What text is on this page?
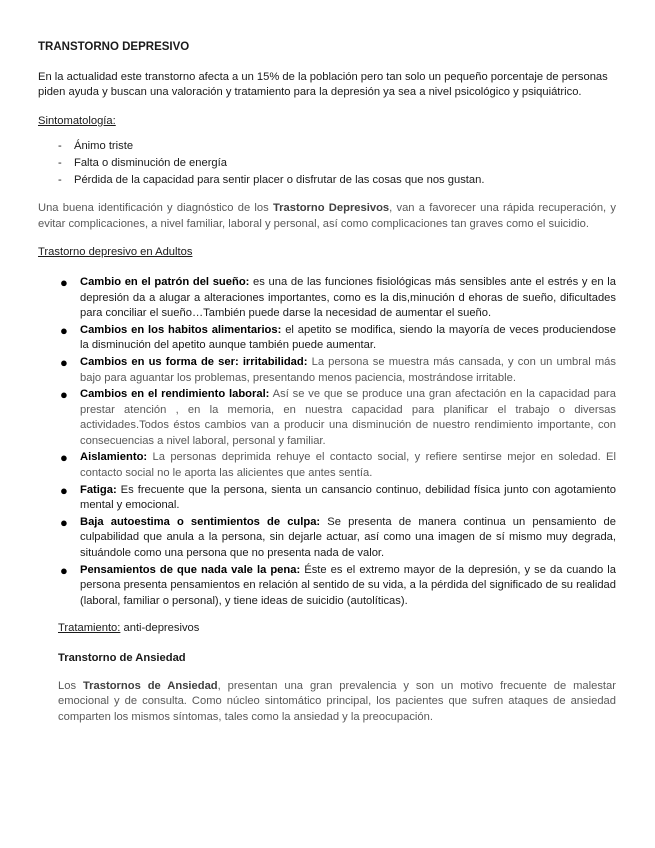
TRANSTORNO DEPRESIVO
En la actualidad este transtorno afecta a un 15% de la población pero tan solo un pequeño porcentaje de personas piden ayuda y buscan una valoración y tratamiento para la depresión ya sea a nivel psicológico y psiquiátrico.
Sintomatología:
- Ánimo triste
- Falta o disminución de energía
- Pérdida de la capacidad para sentir placer o disfrutar de las cosas que nos gustan.
Una buena identificación y diagnóstico de los Trastorno Depresivos, van a favorecer una rápida recuperación, y evitar complicaciones, a nivel familiar, laboral y personal, así como complicaciones tan graves como el suicidio.
Trastorno depresivo en Adultos
● Cambio en el patrón del sueño: es una de las funciones fisiológicas más sensibles ante el estrés y en la depresión da a alugar a alteraciones importantes, como es la dis,minución d ehoras de sueño, dificultades para conciliar el sueño…También puede darse la necesidad de aumentar el sueño.
● Cambios en los habitos alimentarios: el apetito se modifica, siendo la mayoría de veces produciendose la disminución del apetito aunque también puede aumentar.
● Cambios en us forma de ser: irritabilidad: La persona se muestra más cansada, y con un umbral más bajo para aguantar los problemas, presentando menos paciencia, mostrándose irritable.
● Cambios en el rendimiento laboral: Así se ve que se produce una gran afectación en la capacidad para prestar atención , en la memoria, en nuestra capacidad para planificar el trabajo o diversas actividades.Todos éstos cambios van a producir una disminución de nuestro rendimiento importante, con consecuencias a nivel laboral, personal y familiar.
● Aislamiento: La personas deprimida rehuye el contacto social, y refiere sentirse mejor en soledad. El contacto social no le aporta las alicientes que antes sentía.
● Fatiga: Es frecuente que la persona, sienta un cansancio continuo, debilidad física junto con agotamiento mental y emocional.
● Baja autoestima o sentimientos de culpa: Se presenta de manera continua un pensamiento de culpabilidad que anula a la persona, sin dejarle actuar, así como una imagen de sí mismo muy degrada, situándole como una persona que no presenta nada de valor.
● Pensamientos de que nada vale la pena: Éste es el extremo mayor de la depresión, y se da cuando la persona presenta pensamientos en relación al sentido de su vida, a la pérdida del significado de su realidad (laboral, familiar o personal), y tiene ideas de suicidio (autolíticas).
Tratamiento: anti-depresivos
Transtorno de Ansiedad
Los Trastornos de Ansiedad, presentan una gran prevalencia y son un motivo frecuente de malestar emocional y de consulta. Como núcleo sintomático principal, los pacientes que sufren ataques de ansiedad comparten los mismos síntomas, tales como la ansiedad y la preocupación.
